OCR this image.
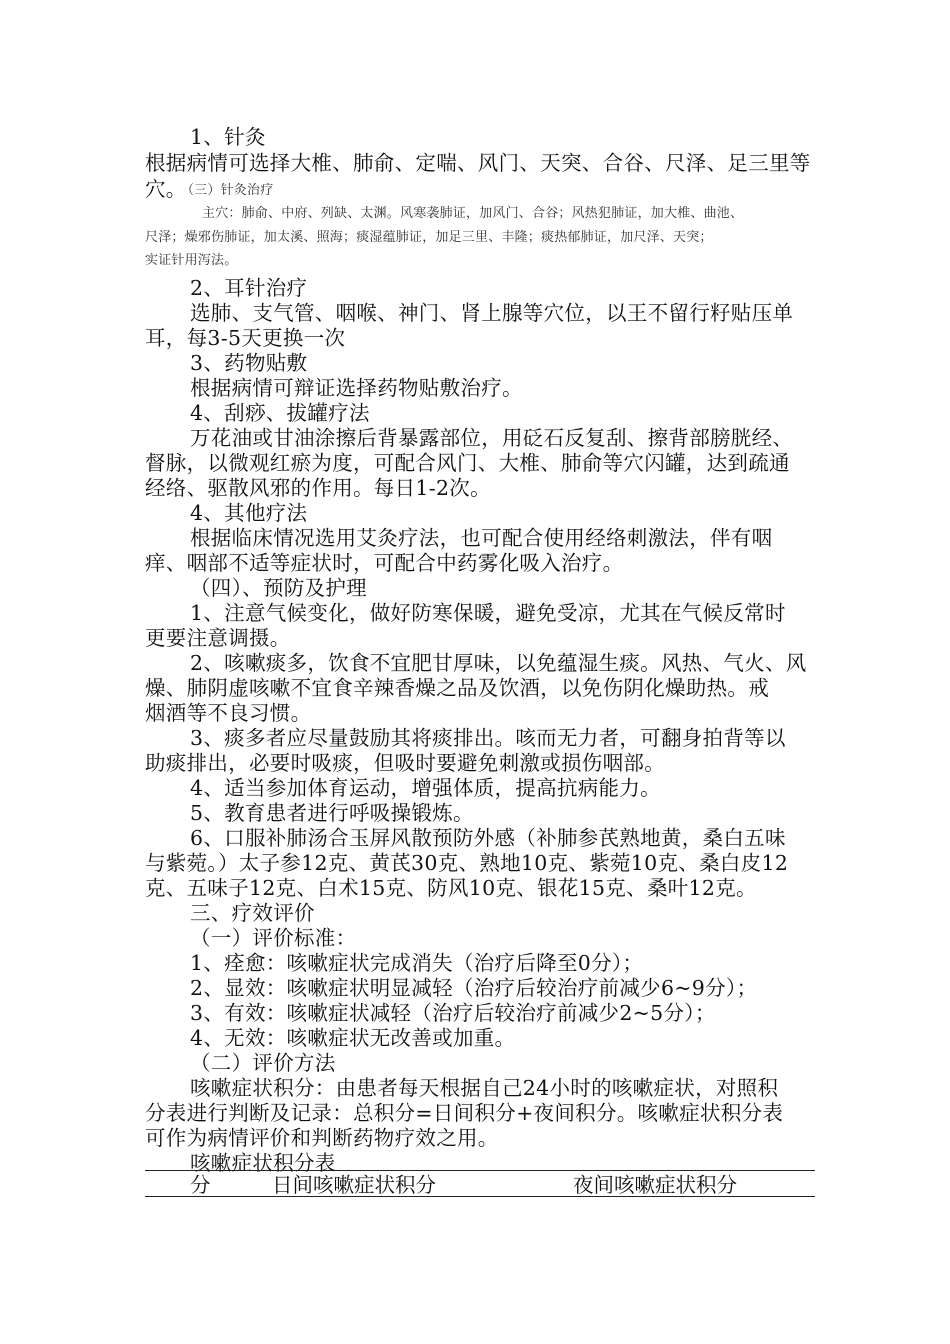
1、针灸
根据病情可选择大椎、肺俞、定喘、风门、天突、合谷、尺泽、足三里等
穴。
（三）针灸治疗
主穴：肺俞、中府、列缺、太渊。风寒袭肺证，加风门、合谷；风热犯肺证，加大椎、曲池、
尺泽；燥邪伤肺证，加太溪、照海；痰湿蕴肺证，加足三里、丰隆；痰热郁肺证，加尺泽、天突；
实证针用泻法。
2、耳针治疗
选肺、支气管、咽喉、神门、肾上腺等穴位，以王不留行籽贴压单
耳，每3-5天更换一次
3、药物贴敷
根据病情可辩证选择药物贴敷治疗。
4、刮痧、拔罐疗法
万花油或甘油涂擦后背暴露部位，用砭石反复刮、擦背部膀胱经、
督脉，以微观红瘀为度，可配合风门、大椎、肺俞等穴闪罐，达到疏通
经络、驱散风邪的作用。每日1-2次。
4、其他疗法
根据临床情况选用艾灸疗法，也可配合使用经络刺激法，伴有咽
痒、咽部不适等症状时，可配合中药雾化吸入治疗。
（四）、预防及护理
1、注意气候变化，做好防寒保暖，避免受凉，尤其在气候反常时
更要注意调摄。
2、咳嗽痰多，饮食不宜肥甘厚味，以免蕴湿生痰。风热、气火、风
燥、肺阴虚咳嗽不宜食辛辣香燥之品及饮酒，以免伤阴化燥助热。戒
烟酒等不良习惯。
3、痰多者应尽量鼓励其将痰排出。咳而无力者，可翻身拍背等以
助痰排出，必要时吸痰，但吸时要避免刺激或损伤咽部。
4、适当参加体育运动，增强体质，提高抗病能力。
5、教育患者进行呼吸操锻炼。
6、口服补肺汤合玉屏风散预防外感（补肺参芪熟地黄，桑白五味
与紫菀。）太子参12克、黄芪30克、熟地10克、紫菀10克、桑白皮12
克、五味子12克、白术15克、防风10克、银花15克、桑叶12克。
三、疗效评价
（一）评价标准：
1、痊愈：咳嗽症状完成消失（治疗后降至0分）；
2、显效：咳嗽症状明显减轻（治疗后较治疗前减少6~9分）；
3、有效：咳嗽症状减轻（治疗后较治疗前减少2~5分）；
4、无效：咳嗽症状无改善或加重。
（二）评价方法
咳嗽症状积分：由患者每天根据自己24小时的咳嗽症状，对照积
分表进行判断及记录：总积分=日间积分+夜间积分。咳嗽症状积分表
可作为病情评价和判断药物疗效之用。
咳嗽症状积分表
分	日间咳嗽症状积分	夜间咳嗽症状积分
